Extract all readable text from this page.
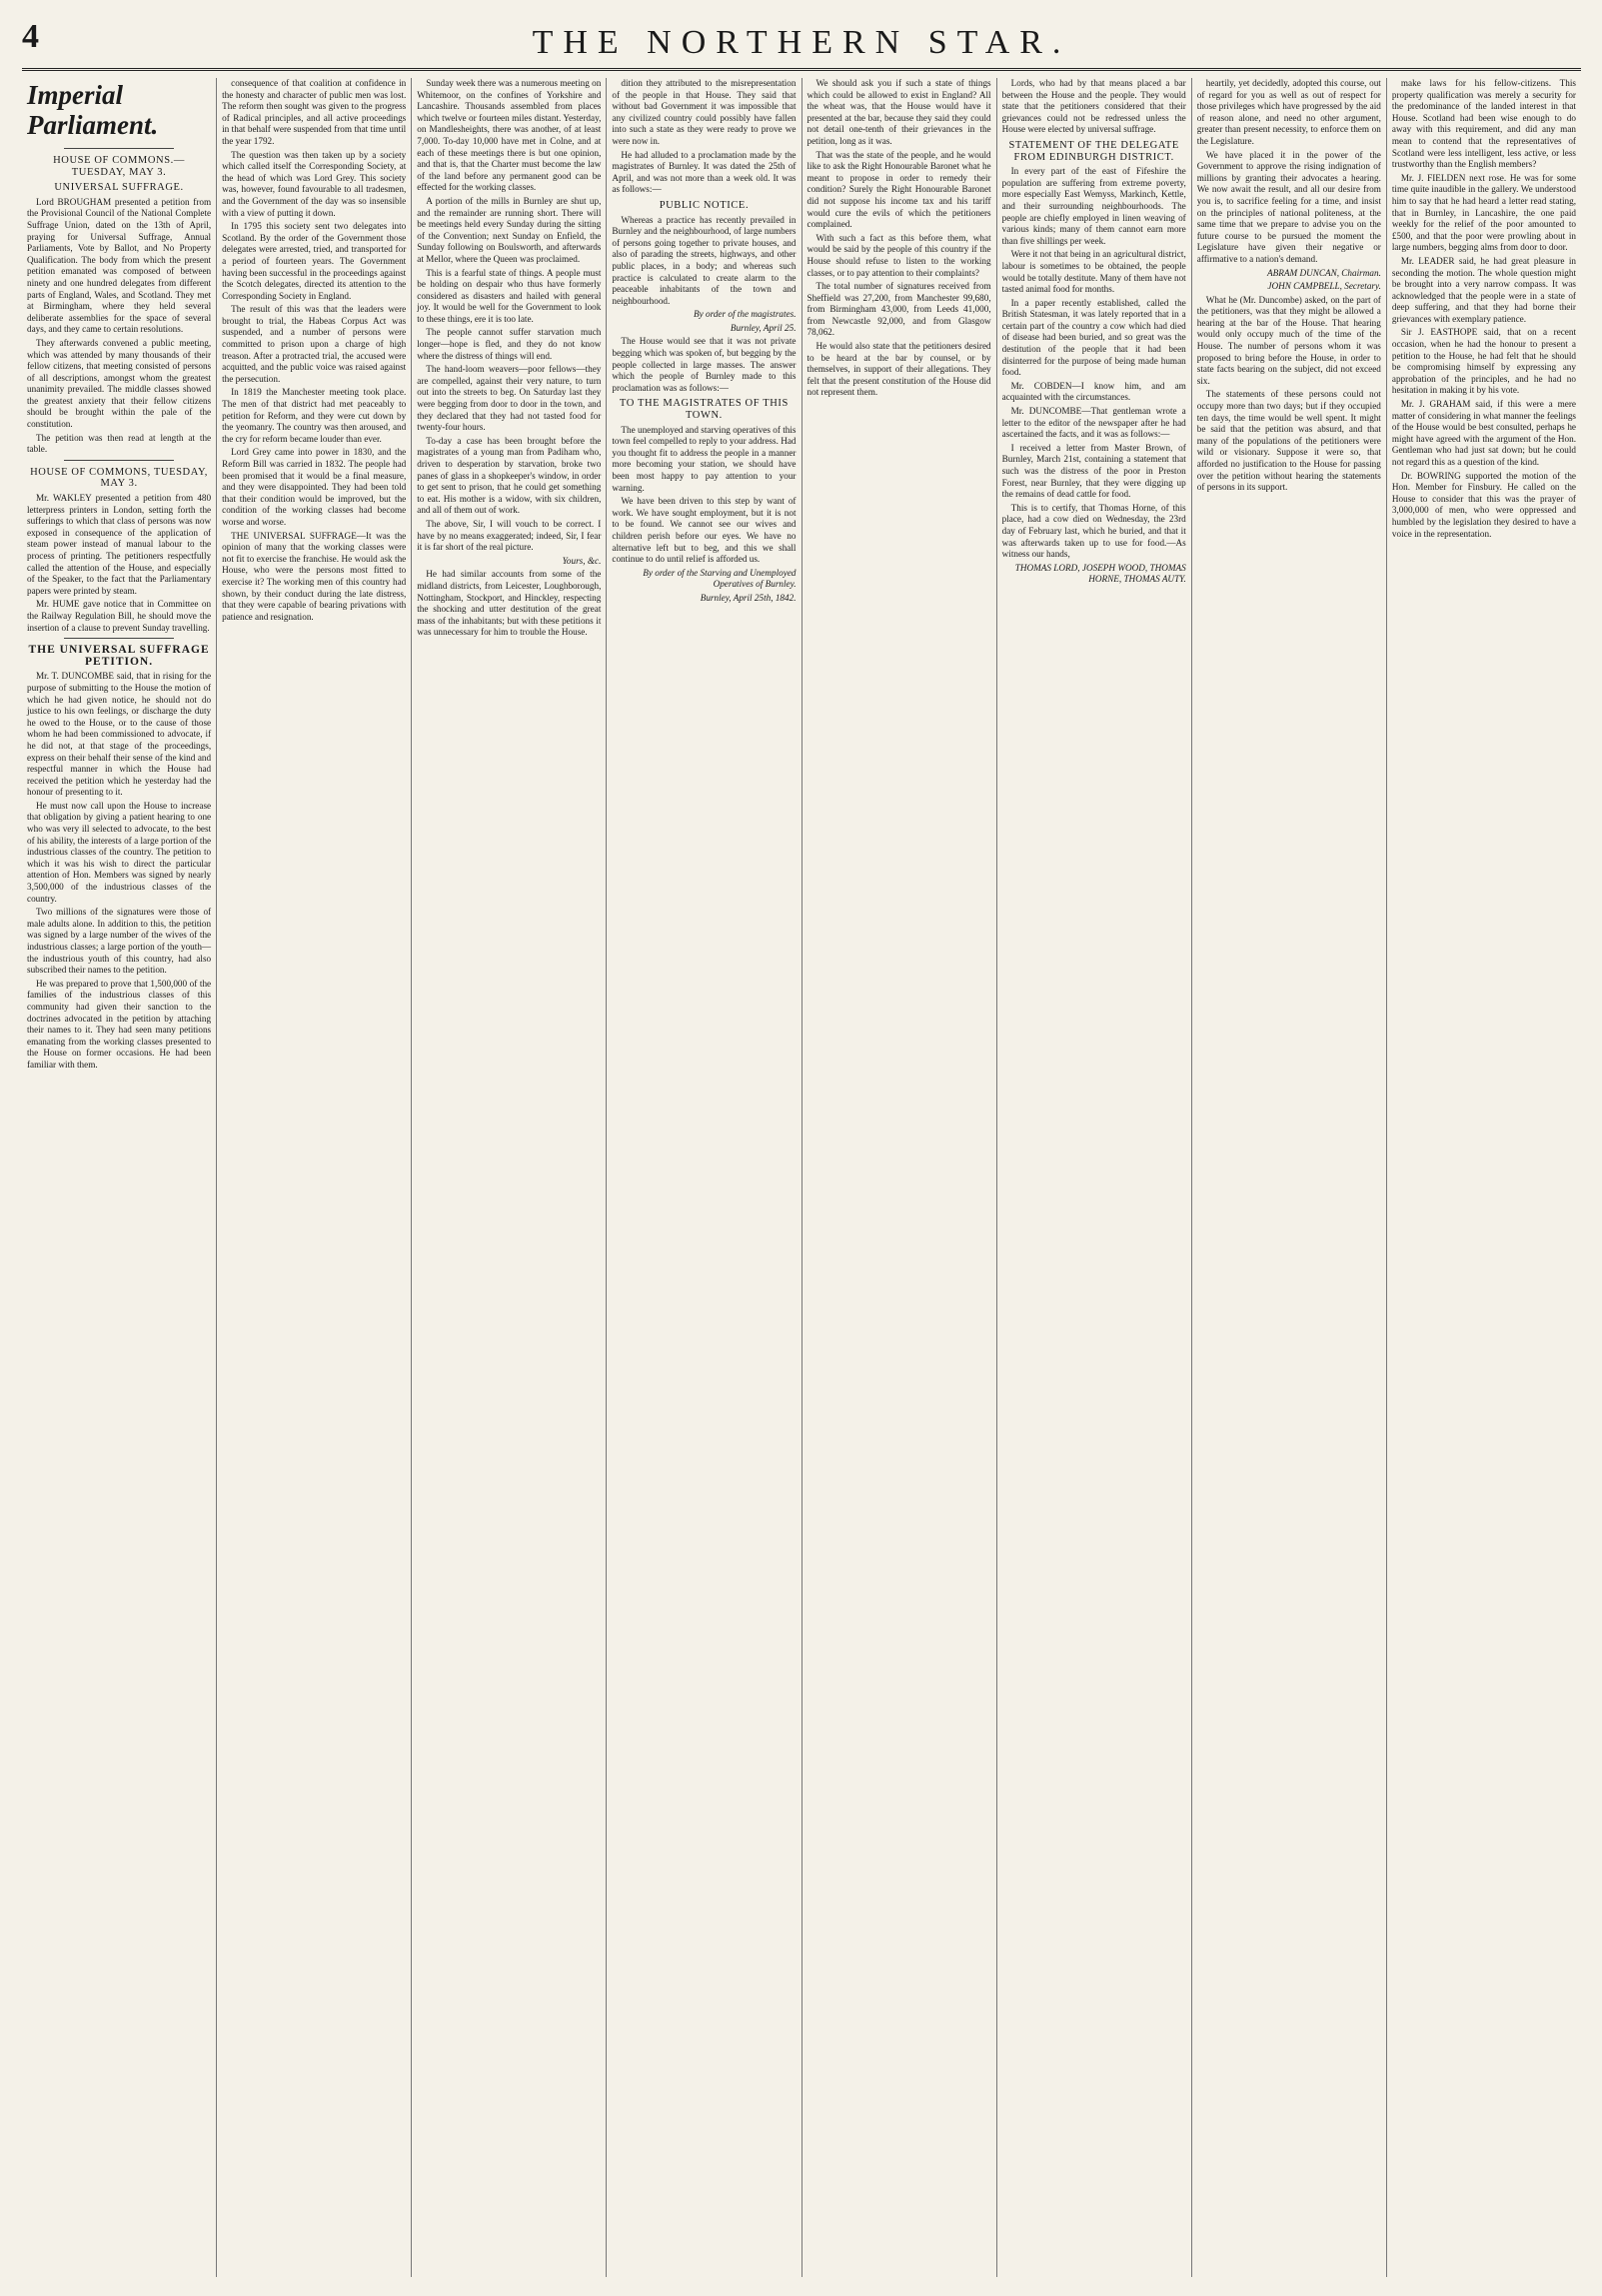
4	THE NORTHERN STAR.
Imperial Parliament.
HOUSE OF COMMONS.—TUESDAY, MAY 3.
UNIVERSAL SUFFRAGE.

Lord BROUGHAM presented a petition from the Provisional Council of the National Complete Suffrage Union, dated on the 13th of April, praying for Universal Suffrage, Annual Parliaments, Vote by Ballot, and No Property Qualification. The body from which the present petition emanated was composed of between ninety and one hundred delegates from different parts of England, Wales, and Scotland. They met at Birmingham, where they held several deliberate assemblies for the space of several days, and they came to certain resolutions.

They afterwards convened a public meeting, which was attended by many thousands of their fellow citizens, that meeting consisted of persons of all descriptions, amongst whom the greatest unanimity prevailed. The middle classes showed the greatest anxiety that their fellow citizens should be brought within the pale of the constitution.

The petition was then read at length at the table.

HOUSE OF COMMONS, TUESDAY, MAY 3.

Mr. WAKLEY presented a petition from 480 letterpress printers in London, setting forth the sufferings to which that class of persons was now exposed in consequence of the application of steam power instead of manual labour to the process of printing. The petitioners respectfully called the attention of the House, and especially of the Speaker, to the fact that the Parliamentary papers were printed by steam.

Mr. HUME gave notice that in Committee on the Railway Regulation Bill, he should move the insertion of a clause to prevent Sunday travelling.

THE UNIVERSAL SUFFRAGE PETITION.

Mr. T. DUNCOMBE said, that in rising for the purpose of submitting to the House the motion of which he had given notice, he should not do justice to his own feelings, or discharge the duty he owed to the House, or to the cause of those whom he had been commissioned to advocate, if he did not, at that stage of the proceedings, express on their behalf their sense of the kind and respectful manner in which the House had received the petition which he yesterday had the honour of presenting to it.

He must now call upon the House to increase that obligation by giving a patient hearing to one who was very ill selected to advocate, to the best of his ability, the interests of a large portion of the industrious classes of the country. The petition to which it was his wish to direct the particular attention of Hon. Members was signed by nearly 3,500,000 of the industrious classes of the country.

Two millions of the signatures were those of male adults alone. In addition to this, the petition was signed by a large number of the wives of the industrious classes; a large portion of the youth—the industrious youth of this country, had also subscribed their names to the petition.

He was prepared to prove that 1,500,000 of the families of the industrious classes of this community had given their sanction to the doctrines advocated in the petition by attaching their names to it. They had seen many petitions emanating from the working classes presented to the House on former occasions. He had been familiar with them.

consequence of that coalition at confidence in the honesty and character of public men was lost. The reform then sought was given to the progress of Radical principles, and all active proceedings in that behalf were suspended from that time until the year 1792.

The question was then taken up by a society which called itself the Corresponding Society, at the head of which was Lord Grey. This society was, however, found favourable to all tradesmen, and the Government of the day was so insensible with a view of putting it down.

In 1795 this society sent two delegates into Scotland. By the order of the Government those delegates were arrested, tried, and transported for a period of fourteen years. The Government having been successful in the proceedings against the Scotch delegates, directed its attention to the Corresponding Society in England.

The result of this was that the leaders were brought to trial, the Habeas Corpus Act was suspended, and a number of persons were committed to prison upon a charge of high treason. After a protracted trial, the accused were acquitted, and the public voice was raised against the persecution.

In 1819 the Manchester meeting took place. The men of that district had met peaceably to petition for Reform, and they were cut down by the yeomanry. The country was then aroused, and the cry for reform became louder than ever.

Lord Grey came into power in 1830, and the Reform Bill was carried in 1832. The people had been promised that it would be a final measure, and they were disappointed. They had been told that their condition would be improved, but the condition of the working classes had become worse and worse.

THE UNIVERSAL SUFFRAGE—It was the opinion of many that the working classes were not fit to exercise the franchise. He would ask the House, who were the persons most fitted to exercise it? The working men of this country had shown, by their conduct during the late distress, that they were capable of bearing privations with patience and resignation.

Sunday week there was a numerous meeting on Whitemoor, on the confines of Yorkshire and Lancashire. Thousands assembled from places which twelve or fourteen miles distant. Yesterday, on Mandlesheights, there was another, of at least 7,000. To-day 10,000 have met in Colne, and at each of these meetings there is but one opinion, and that is, that the Charter must become the law of the land before any permanent good can be effected for the working classes.

A portion of the mills in Burnley are shut up, and the remainder are running short. There will be meetings held every Sunday during the sitting of the Convention; next Sunday on Enfield, the Sunday following on Boulsworth, and afterwards at Mellor, where the Queen was proclaimed.

This is a fearful state of things. A people must be holding on despair who thus have formerly considered as disasters and hailed with general joy. It would be well for the Government to look to these things, ere it is too late.

The people cannot suffer starvation much longer—hope is fled, and they do not know where the distress of things will end.

The hand-loom weavers—poor fellows—they are compelled, against their very nature, to turn out into the streets to beg. On Saturday last they were begging from door to door in the town, and they declared that they had not tasted food for twenty-four hours.

To-day a case has been brought before the magistrates of a young man from Padiham who, driven to desperation by starvation, broke two panes of glass in a shopkeeper's window, in order to get sent to prison, that he could get something to eat. His mother is a widow, with six children, and all of them out of work.

The above, Sir, I will vouch to be correct. I have by no means exaggerated; indeed, Sir, I fear it is far short of the real picture.

Yours, &c.

He had similar accounts from some of the midland districts, from Leicester, Loughborough, Nottingham, Stockport, and Hinckley, respecting the shocking and utter destitution of the great mass of the inhabitants; but with these petitions it was unnecessary for him to trouble the House.

dition they attributed to the misrepresentation of the people in that House. They said that without bad Government it was impossible that any civilized country could possibly have fallen into such a state as they were ready to prove we were now in.

He had alluded to a proclamation made by the magistrates of Burnley. It was dated the 25th of April, and was not more than a week old. It was as follows:—

PUBLIC NOTICE.

Whereas a practice has recently prevailed in Burnley and the neighbourhood, of large numbers of persons going together to private houses, and also of parading the streets, highways, and other public places, in a body; and whereas such practice is calculated to create alarm to the peaceable inhabitants of the town and neighbourhood.

By order of the magistrates.

Burnley, April 25.

The House would see that it was not private begging which was spoken of, but begging by the people collected in large masses. The answer which the people of Burnley made to this proclamation was as follows:—

TO THE MAGISTRATES OF THIS TOWN.

The unemployed and starving operatives of this town feel compelled to reply to your address. Had you thought fit to address the people in a manner more becoming your station, we should have been most happy to pay attention to your warning.

We have been driven to this step by want of work. We have sought employment, but it is not to be found. We cannot see our wives and children perish before our eyes. We have no alternative left but to beg, and this we shall continue to do until relief is afforded us.

By order of the Starving and Unemployed Operatives of Burnley.

Burnley, April 25th, 1842.

We should ask you if such a state of things which could be allowed to exist in England? All the wheat was, that the House would have it presented at the bar, because they said they could not detail one-tenth of their grievances in the petition, long as it was.

That was the state of the people, and he would like to ask the Right Honourable Baronet what he meant to propose in order to remedy their condition? Surely the Right Honourable Baronet did not suppose his income tax and his tariff would cure the evils of which the petitioners complained.

With such a fact as this before them, what would be said by the people of this country if the House should refuse to listen to the working classes, or to pay attention to their complaints?

The total number of signatures received from Sheffield was 27,200, from Manchester 99,680, from Birmingham 43,000, from Leeds 41,000, from Newcastle 92,000, and from Glasgow 78,062.

He would also state that the petitioners desired to be heard at the bar by counsel, or by themselves, in support of their allegations. They felt that the present constitution of the House did not represent them.

Lords, who had by that means placed a bar between the House and the people. They would state that the petitioners considered that their grievances could not be redressed unless the House were elected by universal suffrage.

STATEMENT OF THE DELEGATE FROM EDINBURGH DISTRICT.

In every part of the east of Fifeshire the population are suffering from extreme poverty, more especially East Wemyss, Markinch, Kettle, and their surrounding neighbourhoods. The people are chiefly employed in linen weaving of various kinds; many of them cannot earn more than five shillings per week.

Were it not that being in an agricultural district, labour is sometimes to be obtained, the people would be totally destitute. Many of them have not tasted animal food for months.

In a paper recently established, called the British Statesman, it was lately reported that in a certain part of the country a cow which had died of disease had been buried, and so great was the destitution of the people that it had been disinterred for the purpose of being made human food.

Mr. COBDEN—I know him, and am acquainted with the circumstances.

Mr. DUNCOMBE—That gentleman wrote a letter to the editor of the newspaper after he had ascertained the facts, and it was as follows:—

I received a letter from Master Brown, of Burnley, March 21st, containing a statement that such was the distress of the poor in Preston Forest, near Burnley, that they were digging up the remains of dead cattle for food.

This is to certify, that Thomas Horne, of this place, had a cow died on Wednesday, the 23rd day of February last, which he buried, and that it was afterwards taken up to use for food.—As witness our hands,

THOMAS LORD, JOSEPH WOOD, THOMAS HORNE, THOMAS AUTY.

heartily, yet decidedly, adopted this course, out of regard for you as well as out of respect for those privileges which have progressed by the aid of reason alone, and need no other argument, greater than present necessity, to enforce them on the Legislature.

We have placed it in the power of the Government to approve the rising indignation of millions by granting their advocates a hearing. We now await the result, and all our desire from you is, to sacrifice feeling for a time, and insist on the principles of national politeness, at the same time that we prepare to advise you on the future course to be pursued the moment the Legislature have given their negative or affirmative to a nation's demand.

ABRAM DUNCAN, Chairman.

JOHN CAMPBELL, Secretary.

What he (Mr. Duncombe) asked, on the part of the petitioners, was that they might be allowed a hearing at the bar of the House. That hearing would only occupy much of the time of the House. The number of persons whom it was proposed to bring before the House, in order to state facts bearing on the subject, did not exceed six.

The statements of these persons could not occupy more than two days; but if they occupied ten days, the time would be well spent. It might be said that the petition was absurd, and that many of the populations of the petitioners were wild or visionary. Suppose it were so, that afforded no justification to the House for passing over the petition without hearing the statements of persons in its support.

make laws for his fellow-citizens. This property qualification was merely a security for the predominance of the landed interest in that House. Scotland had been wise enough to do away with this requirement, and did any man mean to contend that the representatives of Scotland were less intelligent, less active, or less trustworthy than the English members?

Mr. J. FIELDEN next rose. He was for some time quite inaudible in the gallery. We understood him to say that he had heard a letter read stating, that in Burnley, in Lancashire, the one paid weekly for the relief of the poor amounted to £500, and that the poor were prowling about in large numbers, begging alms from door to door.

Mr. LEADER said, he had great pleasure in seconding the motion. The whole question might be brought into a very narrow compass. It was acknowledged that the people were in a state of deep suffering, and that they had borne their grievances with exemplary patience.

Sir J. EASTHOPE said, that on a recent occasion, when he had the honour to present a petition to the House, he had felt that he should be compromising himself by expressing any approbation of the principles, and he had no hesitation in making it by his vote.

Mr. J. GRAHAM said, if this were a mere matter of considering in what manner the feelings of the House would be best consulted, perhaps he might have agreed with the argument of the Hon. Gentleman who had just sat down; but he could not regard this as a question of the kind.

Dr. BOWRING supported the motion of the Hon. Member for Finsbury. He called on the House to consider that this was the prayer of 3,000,000 of men, who were oppressed and humbled by the legislation they desired to have a voice in the representation.
